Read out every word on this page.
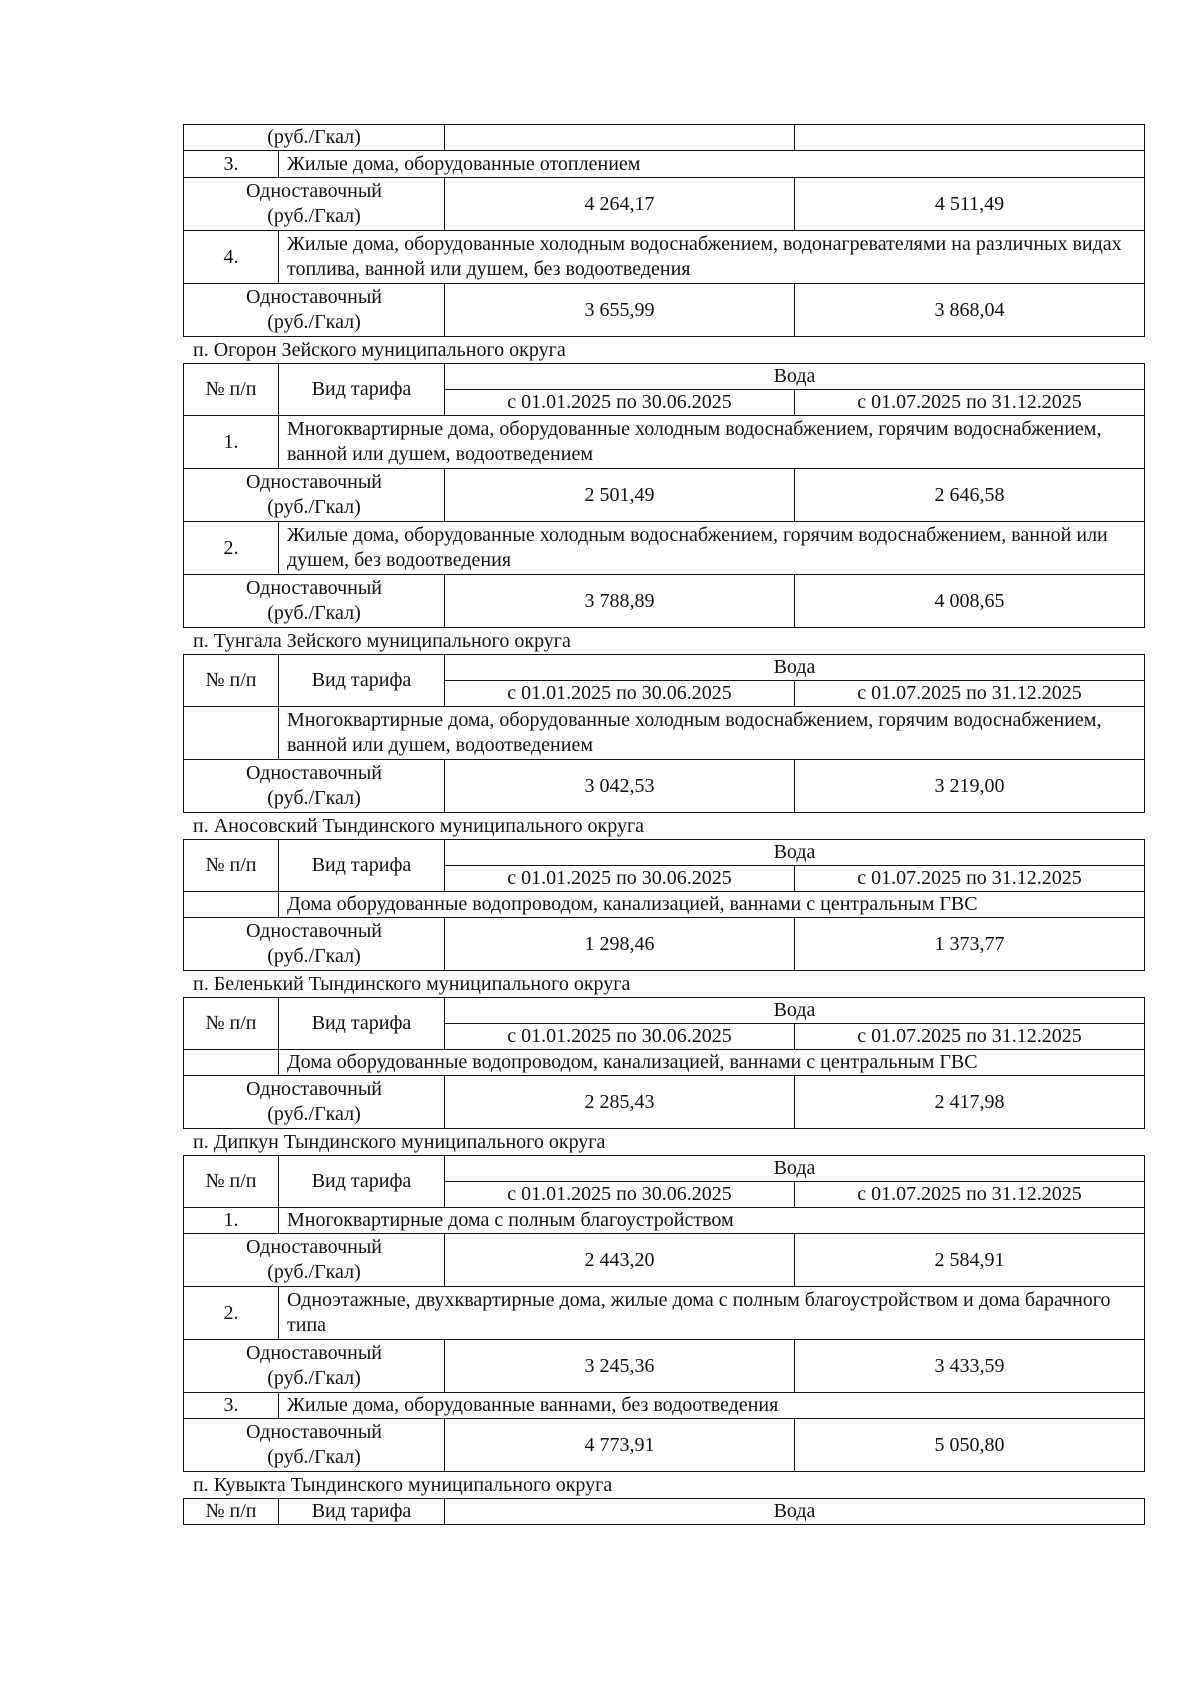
(руб./Гкал)			
3.	Жилые дома, оборудованные отоплением		

Одноставочный
(руб./Гкал)		4 264,17	4 511,49
4.	Жилые дома, оборудованные холодным водоснабжением, водонагревателями на различных видах топлива, ванной или душем, без водоотведения		

Одноставочный
(руб./Гкал)		3 655,99	3 868,04
п. Огорон Зейского муниципального округа
№ п/п	Вид тарифа	Вода	
		с 01.01.2025 по 30.06.2025	с 01.07.2025 по 31.12.2025
1.	Многоквартирные дома, оборудованные холодным водоснабжением, горячим водоснабжением, ванной или душем, водоотведением		

Одноставочный
(руб./Гкал)		2 501,49	2 646,58
2.	Жилые дома, оборудованные холодным водоснабжением, горячим водоснабжением, ванной или душем, без водоотведения		

Одноставочный
(руб./Гкал)		3 788,89	4 008,65
п. Тунгала Зейского муниципального округа
№ п/п	Вид тарифа	Вода	
		с 01.01.2025 по 30.06.2025	с 01.07.2025 по 31.12.2025
	Многоквартирные дома, оборудованные холодным водоснабжением, горячим водоснабжением, ванной или душем, водоотведением		

Одноставочный
(руб./Гкал)		3 042,53	3 219,00
п. Аносовский Тындинского муниципального округа
№ п/п	Вид тарифа	Вода	
		с 01.01.2025 по 30.06.2025	с 01.07.2025 по 31.12.2025
	Дома оборудованные водопроводом, канализацией, ваннами с центральным ГВС		

Одноставочный
(руб./Гкал)		1 298,46	1 373,77
п. Беленький Тындинского муниципального округа
№ п/п	Вид тарифа	Вода	
		с 01.01.2025 по 30.06.2025	с 01.07.2025 по 31.12.2025
	Дома оборудованные водопроводом, канализацией, ваннами с центральным ГВС		

Одноставочный
(руб./Гкал)		2 285,43	2 417,98
п. Дипкун Тындинского муниципального округа
№ п/п	Вид тарифа	Вода	
		с 01.01.2025 по 30.06.2025	с 01.07.2025 по 31.12.2025
1.	Многоквартирные дома с полным благоустройством		

Одноставочный
(руб./Гкал)		2 443,20	2 584,91
2.	Одноэтажные, двухквартирные дома, жилые дома с полным благоустройством и дома барачного типа		

Одноставочный
(руб./Гкал)		3 245,36	3 433,59
3.	Жилые дома, оборудованные ваннами, без водоотведения		

Одноставочный
(руб./Гкал)		4 773,91	5 050,80
п. Кувыкта Тындинского муниципального округа
№ п/п	Вид тарифа	Вода
